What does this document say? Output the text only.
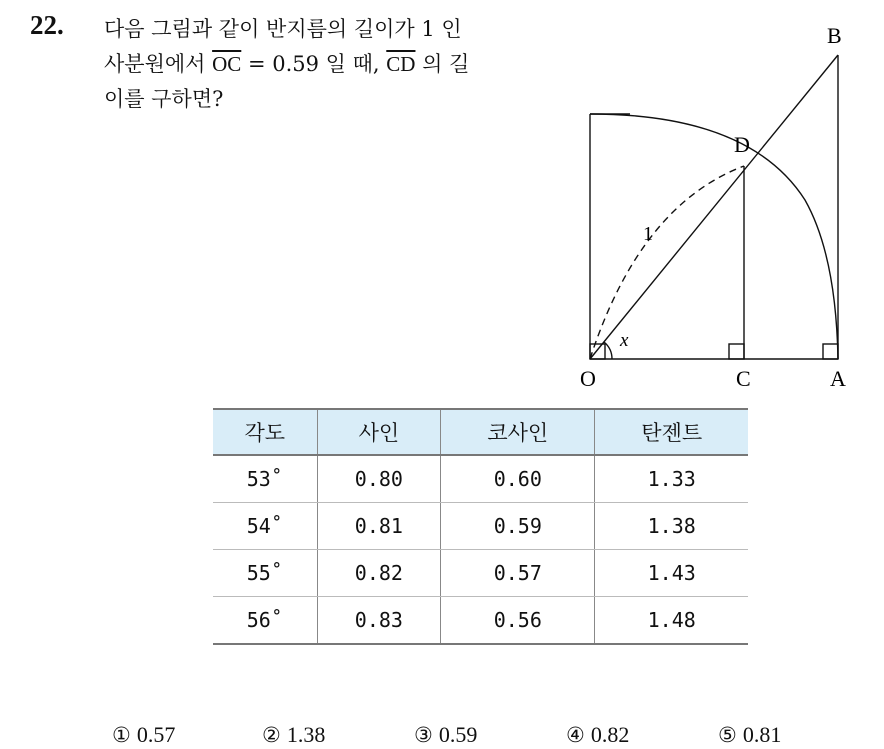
22. 다음 그림과 같이 반지름의 길이가 1 인
사분원에서 $\overline{OC} = 0.59$ 일 때, $\overline{CD}$ 의 길
이를 구하면?
B
D
1
x
O	C	A
각도	사인	코사인	탄젠트
53˚	0.80	0.60	1.33
54˚	0.81	0.59	1.38
55˚	0.82	0.57	1.43
56˚	0.83	0.56	1.48
① 0.57	② 1.38	③ 0.59	④ 0.82	⑤ 0.81
